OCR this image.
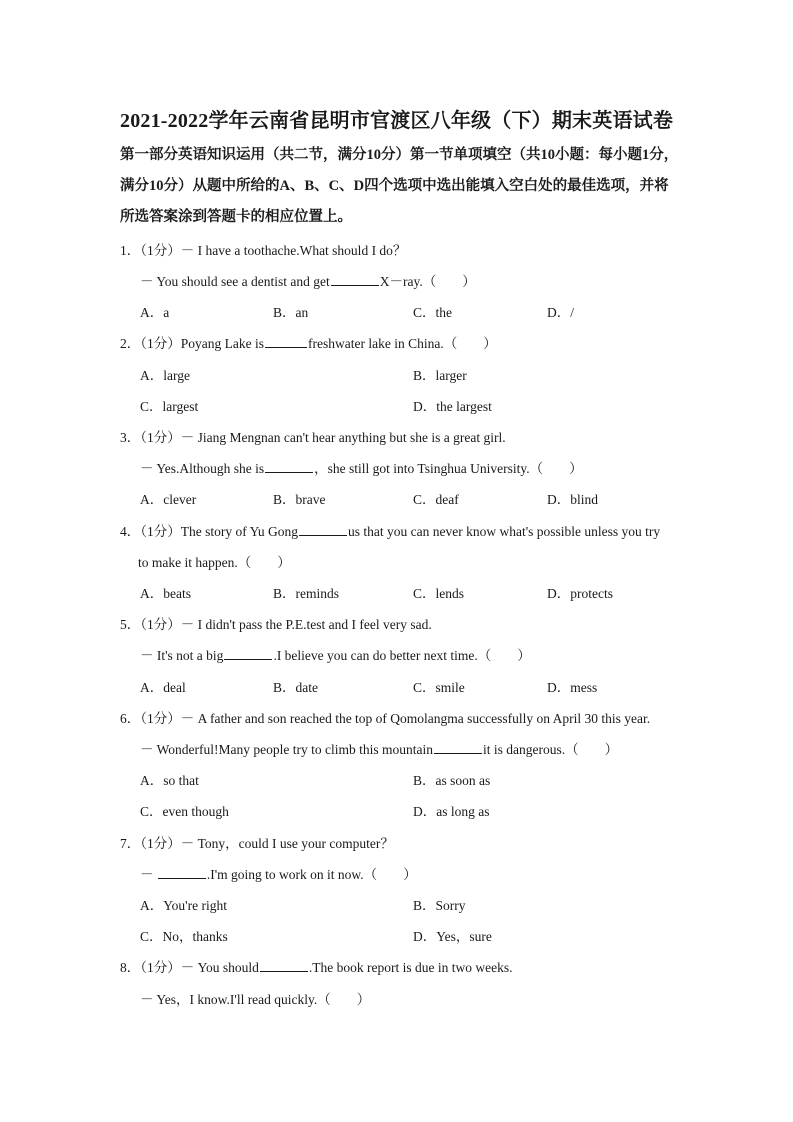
2021-2022学年云南省昆明市官渡区八年级（下）期末英语试卷
第一部分英语知识运用（共二节，满分10分）第一节单项填空（共10小题：每小题1分，满分10分）从题中所给的A、B、C、D四个选项中选出能填入空白处的最佳选项，并将所选答案涂到答题卡的相应位置上。
1．（1分）－ I have a toothache.What should I do？
－ You should see a dentist and get	X－ray.（ ）
A．a	B．an	C．the	D．/
2．（1分）Poyang Lake is	freshwater lake in China.（ ）
A．large	B．larger
C．largest	D．the largest
3．（1分）－ Jiang Mengnan can't hear anything but she is a great girl.
－ Yes.Although she is	，she still got into Tsinghua University.（ ）
A．clever	B．brave	C．deaf	D．blind
4．（1分）The story of Yu Gong	us that you can never know what's possible unless you try
to make it happen.（ ）
A．beats	B．reminds	C．lends	D．protects
5．（1分）－ I didn't pass the P.E.test and I feel very sad.
－ It's not a big	.I believe you can do better next time.（ ）
A．deal	B．date	C．smile	D．mess
6．（1分）－ A father and son reached the top of Qomolangma successfully on April 30 this year.
－ Wonderful!Many people try to climb this mountain	it is dangerous.（ ）
A．so that	B．as soon as
C．even though	D．as long as
7．（1分）－ Tony，could I use your computer？
－	.I'm going to work on it now.（ ）
A．You're right	B．Sorry
C．No，thanks	D．Yes，sure
8．（1分）－ You should	.The book report is due in two weeks.
－ Yes，I know.I'll read quickly.（ ）
